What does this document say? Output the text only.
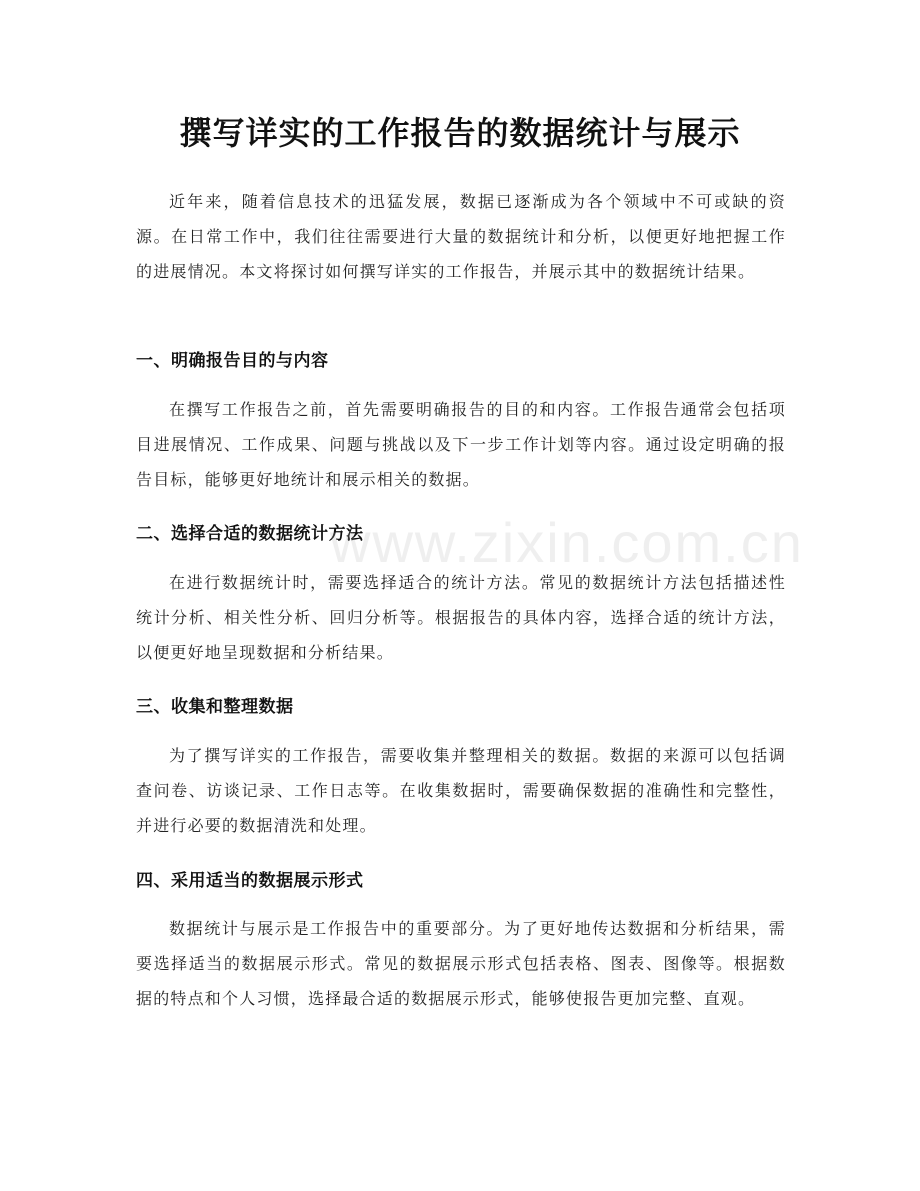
撰写详实的工作报告的数据统计与展示

近年来，随着信息技术的迅猛发展，数据已逐渐成为各个领域中不可或缺的资源。在日常工作中，我们往往需要进行大量的数据统计和分析，以便更好地把握工作的进展情况。本文将探讨如何撰写详实的工作报告，并展示其中的数据统计结果。

一、明确报告目的与内容

在撰写工作报告之前，首先需要明确报告的目的和内容。工作报告通常会包括项目进展情况、工作成果、问题与挑战以及下一步工作计划等内容。通过设定明确的报告目标，能够更好地统计和展示相关的数据。

二、选择合适的数据统计方法

在进行数据统计时，需要选择适合的统计方法。常见的数据统计方法包括描述性统计分析、相关性分析、回归分析等。根据报告的具体内容，选择合适的统计方法，以便更好地呈现数据和分析结果。

三、收集和整理数据

为了撰写详实的工作报告，需要收集并整理相关的数据。数据的来源可以包括调查问卷、访谈记录、工作日志等。在收集数据时，需要确保数据的准确性和完整性，并进行必要的数据清洗和处理。

四、采用适当的数据展示形式

数据统计与展示是工作报告中的重要部分。为了更好地传达数据和分析结果，需要选择适当的数据展示形式。常见的数据展示形式包括表格、图表、图像等。根据数据的特点和个人习惯，选择最合适的数据展示形式，能够使报告更加完整、直观。

www.zixin.com.cn
